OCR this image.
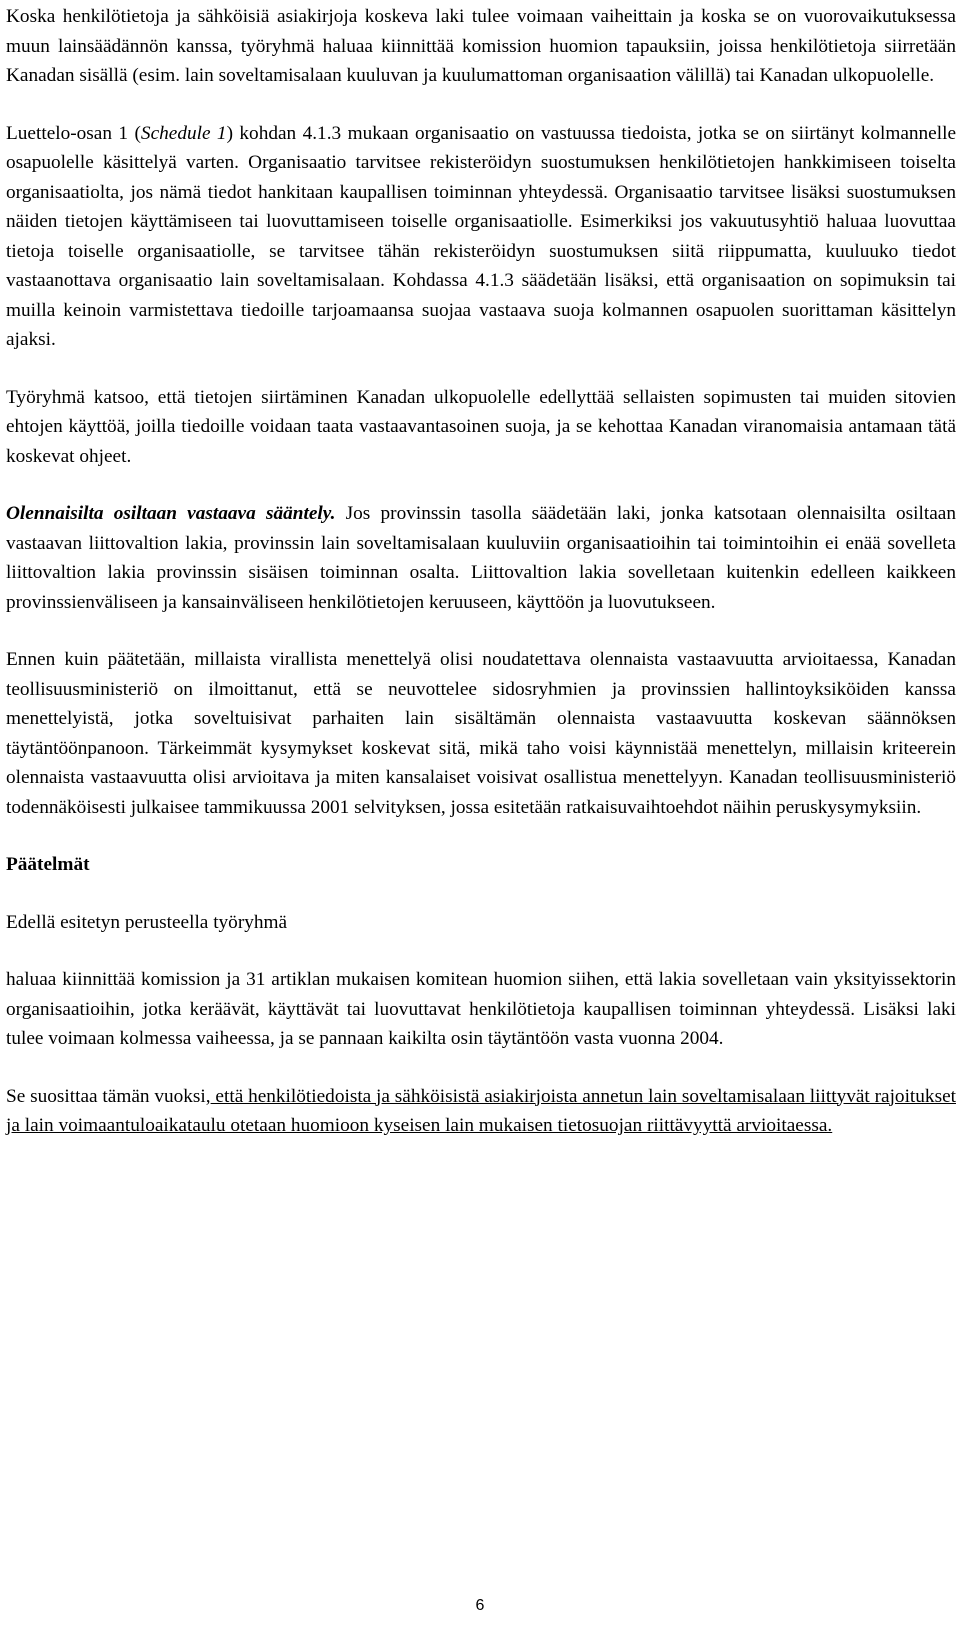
Koska henkilötietoja ja sähköisiä asiakirjoja koskeva laki tulee voimaan vaiheittain ja koska se on vuorovaikutuksessa muun lainsäädännön kanssa, työryhmä haluaa kiinnittää komission huomion tapauksiin, joissa henkilötietoja siirretään Kanadan sisällä (esim. lain soveltamisalaan kuuluvan ja kuulumattoman organisaation välillä) tai Kanadan ulkopuolelle.

Luettelo-osan 1 (Schedule 1) kohdan 4.1.3 mukaan organisaatio on vastuussa tiedoista, jotka se on siirtänyt kolmannelle osapuolelle käsittelyä varten. Organisaatio tarvitsee rekisteröidyn suostumuksen henkilötietojen hankkimiseen toiselta organisaatiolta, jos nämä tiedot hankitaan kaupallisen toiminnan yhteydessä. Organisaatio tarvitsee lisäksi suostumuksen näiden tietojen käyttämiseen tai luovuttamiseen toiselle organisaatiolle. Esimerkiksi jos vakuutusyhtiö haluaa luovuttaa tietoja toiselle organisaatiolle, se tarvitsee tähän rekisteröidyn suostumuksen siitä riippumatta, kuuluuko tiedot vastaanottava organisaatio lain soveltamisalaan. Kohdassa 4.1.3 säädetään lisäksi, että organisaation on sopimuksin tai muilla keinoin varmistettava tiedoille tarjoamaansa suojaa vastaava suoja kolmannen osapuolen suorittaman käsittelyn ajaksi.

Työryhmä katsoo, että tietojen siirtäminen Kanadan ulkopuolelle edellyttää sellaisten sopimusten tai muiden sitovien ehtojen käyttöä, joilla tiedoille voidaan taata vastaavantasoinen suoja, ja se kehottaa Kanadan viranomaisia antamaan tätä koskevat ohjeet.

Olennaisilta osiltaan vastaava sääntely. Jos provinssin tasolla säädetään laki, jonka katsotaan olennaisilta osiltaan vastaavan liittovaltion lakia, provinssin lain soveltamisalaan kuuluviin organisaatioihin tai toimintoihin ei enää sovelleta liittovaltion lakia provinssin sisäisen toiminnan osalta. Liittovaltion lakia sovelletaan kuitenkin edelleen kaikkeen provinssienväliseen ja kansainväliseen henkilötietojen keruuseen, käyttöön ja luovutukseen.

Ennen kuin päätetään, millaista virallista menettelyä olisi noudatettava olennaista vastaavuutta arvioitaessa, Kanadan teollisuusministeriö on ilmoittanut, että se neuvottelee sidosryhmien ja provinssien hallintoyksiköiden kanssa menettelyistä, jotka soveltuisivat parhaiten lain sisältämän olennaista vastaavuutta koskevan säännöksen täytäntöönpanoon. Tärkeimmät kysymykset koskevat sitä, mikä taho voisi käynnistää menettelyn, millaisin kriteerein olennaista vastaavuutta olisi arvioitava ja miten kansalaiset voisivat osallistua menettelyyn. Kanadan teollisuusministeriö todennäköisesti julkaisee tammikuussa 2001 selvityksen, jossa esitetään ratkaisuvaihtoehdot näihin peruskysymyksiin.

Päätelmät

Edellä esitetyn perusteella työryhmä

haluaa kiinnittää komission ja 31 artiklan mukaisen komitean huomion siihen, että lakia sovelletaan vain yksityissektorin organisaatioihin, jotka keräävät, käyttävät tai luovuttavat henkilötietoja kaupallisen toiminnan yhteydessä. Lisäksi laki tulee voimaan kolmessa vaiheessa, ja se pannaan kaikilta osin täytäntöön vasta vuonna 2004.

Se suosittaa tämän vuoksi, että henkilötiedoista ja sähköisistä asiakirjoista annetun lain soveltamisalaan liittyvät rajoitukset ja lain voimaantuloaikataulu otetaan huomioon kyseisen lain mukaisen tietosuojan riittävyyttä arvioitaessa.

6
